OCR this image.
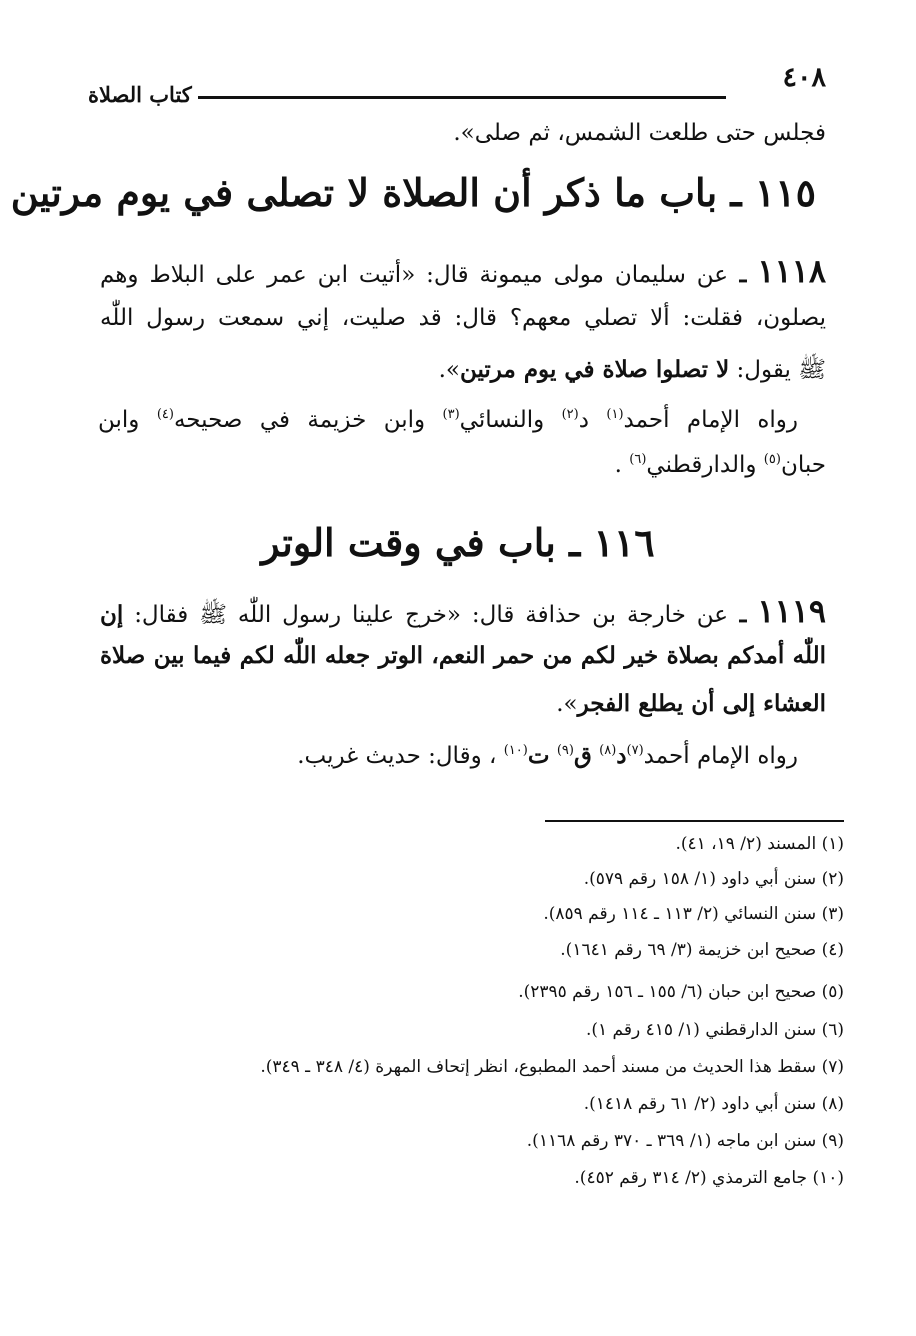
٤٠٨
كتاب الصلاة
فجلس حتى طلعت الشمس، ثم صلى».
١١٥ ـ باب ما ذكر أن الصلاة لا تصلى في يوم مرتين
١١١٨ ـ عن سليمان مولى ميمونة قال: «أتيت ابن عمر على البلاط وهم
يصلون، فقلت: ألا تصلي معهم؟ قال: قد صليت، إني سمعت رسول اللّٰه
ﷺ يقول: لا تصلوا صلاة في يوم مرتين».
رواه الإمام أحمد$^{(١)}$ د$^{(٢)}$ والنسائي$^{(٣)}$ وابن خزيمة في صحيحه$^{(٤)}$ وابن
حبان$^{(٥)}$ والدارقطني$^{(٦)}$ .
١١٦ ـ باب في وقت الوتر
١١١٩ ـ عن خارجة بن حذافة قال: «خرج علينا رسول اللّٰه ﷺ فقال: إن
اللّٰه أمدكم بصلاة خير لكم من حمر النعم، الوتر جعله اللّٰه لكم فيما بين صلاة
العشاء إلى أن يطلع الفجر».
رواه الإمام أحمد$^{(٧)}$د$^{(٨)}$ ق$^{(٩)}$ ت$^{(١٠)}$ ، وقال: حديث غريب.
(١) المسند (٢/ ١٩، ٤١).
(٢) سنن أبي داود (١/ ١٥٨ رقم ٥٧٩).
(٣) سنن النسائي (٢/ ١١٣ ـ ١١٤ رقم ٨٥٩).
(٤) صحيح ابن خزيمة (٣/ ٦٩ رقم ١٦٤١).
(٥) صحيح ابن حبان (٦/ ١٥٥ ـ ١٥٦ رقم ٢٣٩٥).
(٦) سنن الدارقطني (١/ ٤١٥ رقم ١).
(٧) سقط هذا الحديث من مسند أحمد المطبوع، انظر إتحاف المهرة (٤/ ٣٤٨ ـ ٣٤٩).
(٨) سنن أبي داود (٢/ ٦١ رقم ١٤١٨).
(٩) سنن ابن ماجه (١/ ٣٦٩ ـ ٣٧٠ رقم ١١٦٨).
(١٠) جامع الترمذي (٢/ ٣١٤ رقم ٤٥٢).
